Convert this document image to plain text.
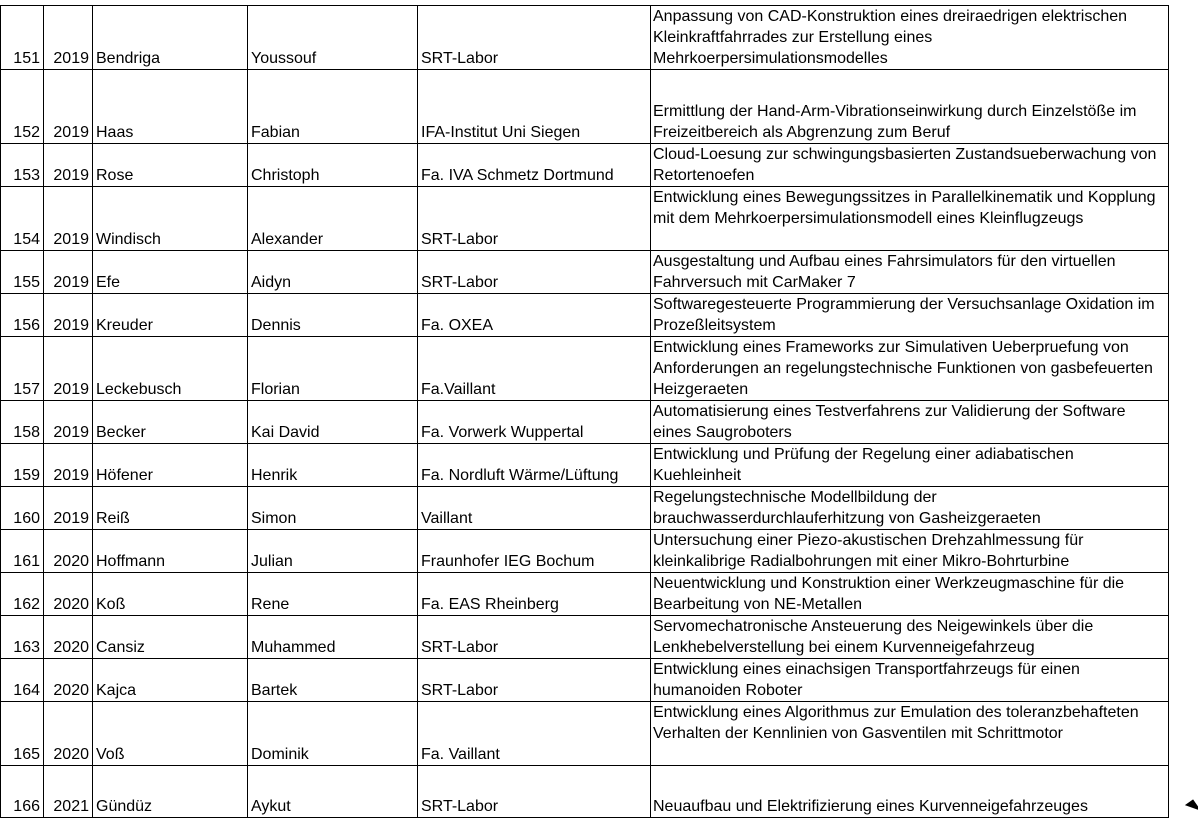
151	2019	Bendriga	Youssouf	SRT-Labor	Anpassung von CAD-Konstruktion eines dreiraedrigen elektrischen Kleinkraftfahrrades zur Erstellung eines Mehrkoerpersimulationsmodelles
152	2019	Haas	Fabian	IFA-Institut Uni Siegen	Ermittlung der Hand-Arm-Vibrationseinwirkung durch Einzelstöße im Freizeitbereich als Abgrenzung zum Beruf
153	2019	Rose	Christoph	Fa. IVA Schmetz Dortmund	Cloud-Loesung zur schwingungsbasierten Zustandsueberwachung von Retortenoefen
154	2019	Windisch	Alexander	SRT-Labor	Entwicklung eines Bewegungssitzes in Parallelkinematik und Kopplung mit dem Mehrkoerpersimulationsmodell eines Kleinflugzeugs
155	2019	Efe	Aidyn	SRT-Labor	Ausgestaltung und Aufbau eines Fahrsimulators für den virtuellen Fahrversuch mit CarMaker 7
156	2019	Kreuder	Dennis	Fa. OXEA	Softwaregesteuerte Programmierung der Versuchsanlage Oxidation im Prozeßleitsystem
157	2019	Leckebusch	Florian	Fa.Vaillant	Entwicklung eines Frameworks zur Simulativen Ueberpruefung von Anforderungen an regelungstechnische Funktionen von gasbefeuerten Heizgeraeten
158	2019	Becker	Kai David	Fa. Vorwerk Wuppertal	Automatisierung eines Testverfahrens zur Validierung der Software eines Saugroboters
159	2019	Höfener	Henrik	Fa. Nordluft Wärme/Lüftung	Entwicklung und Prüfung der Regelung einer adiabatischen Kuehleinheit
160	2019	Reiß	Simon	Vaillant	Regelungstechnische Modellbildung der brauchwasserdurchlauferhitzung von Gasheizgeraeten
161	2020	Hoffmann	Julian	Fraunhofer IEG Bochum	Untersuchung einer Piezo-akustischen Drehzahlmessung für kleinkalibrige Radialbohrungen mit einer Mikro-Bohrturbine
162	2020	Koß	Rene	Fa. EAS Rheinberg	Neuentwicklung und Konstruktion einer Werkzeugmaschine für die Bearbeitung von NE-Metallen
163	2020	Cansiz	Muhammed	SRT-Labor	Servomechatronische Ansteuerung des Neigewinkels über die Lenkhebelverstellung bei einem Kurvenneigefahrzeug
164	2020	Kajca	Bartek	SRT-Labor	Entwicklung eines einachsigen Transportfahrzeugs für einen humanoiden Roboter
165	2020	Voß	Dominik	Fa. Vaillant	Entwicklung eines Algorithmus zur Emulation des toleranzbehafteten Verhalten der Kennlinien von Gasventilen mit Schrittmotor
166	2021	Gündüz	Aykut	SRT-Labor	Neuaufbau und Elektrifizierung eines Kurvenneigefahrzeuges
